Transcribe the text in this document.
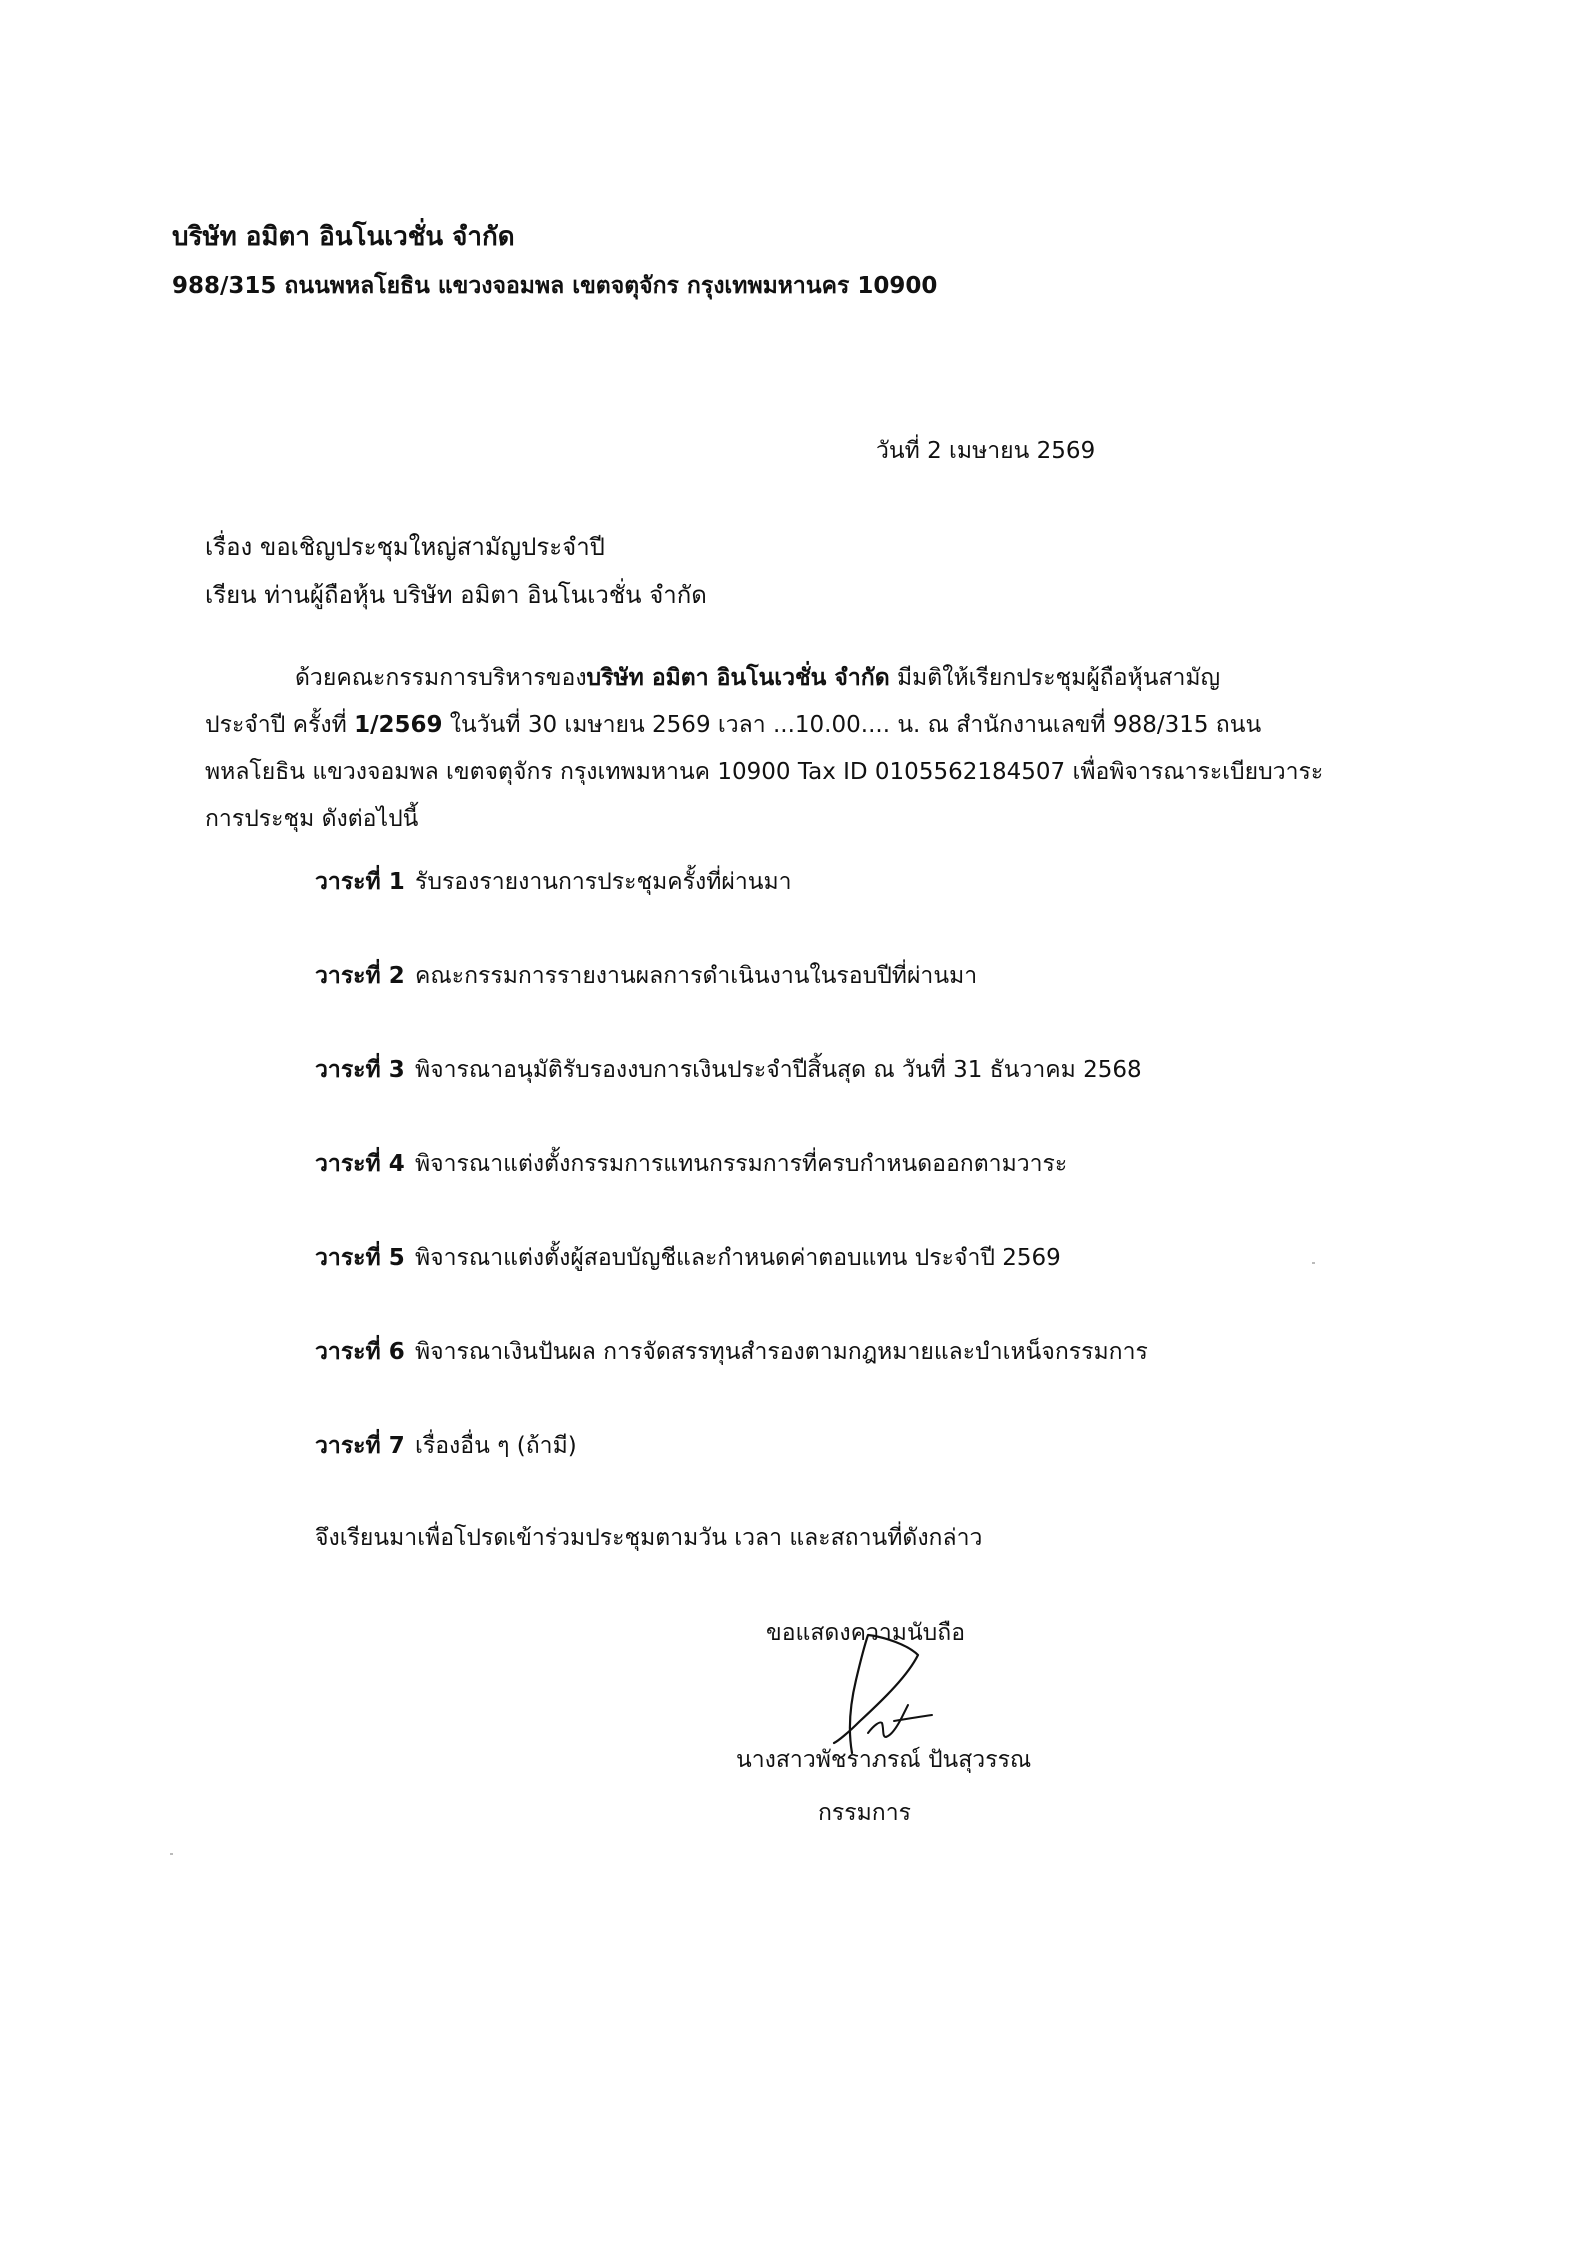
บริษัท อมิตา อินโนเวชั่น จำกัด
988/315 ถนนพหลโยธิน แขวงจอมพล เขตจตุจักร กรุงเทพมหานคร 10900
วันที่ 2 เมษายน 2569
เรื่อง ขอเชิญประชุมใหญ่สามัญประจำปี
เรียน ท่านผู้ถือหุ้น บริษัท อมิตา อินโนเวชั่น จำกัด
ด้วยคณะกรรมการบริหารของบริษัท อมิตา อินโนเวชั่น จำกัด มีมติให้เรียกประชุมผู้ถือหุ้นสามัญ
ประจำปี ครั้งที่ 1/2569 ในวันที่ 30 เมษายน 2569 เวลา ...10.00.... น. ณ สำนักงานเลขที่ 988/315 ถนน
พหลโยธิน แขวงจอมพล เขตจตุจักร กรุงเทพมหานค 10900 Tax ID 0105562184507 เพื่อพิจารณาระเบียบวาระ
การประชุม ดังต่อไปนี้
วาระที่ 1 รับรองรายงานการประชุมครั้งที่ผ่านมา
วาระที่ 2 คณะกรรมการรายงานผลการดำเนินงานในรอบปีที่ผ่านมา
วาระที่ 3 พิจารณาอนุมัติรับรองงบการเงินประจำปีสิ้นสุด ณ วันที่ 31 ธันวาคม 2568
วาระที่ 4 พิจารณาแต่งตั้งกรรมการแทนกรรมการที่ครบกำหนดออกตามวาระ
วาระที่ 5 พิจารณาแต่งตั้งผู้สอบบัญชีและกำหนดค่าตอบแทน ประจำปี 2569
วาระที่ 6 พิจารณาเงินปันผล การจัดสรรทุนสำรองตามกฎหมายและบำเหน็จกรรมการ
วาระที่ 7 เรื่องอื่น ๆ (ถ้ามี)
จึงเรียนมาเพื่อโปรดเข้าร่วมประชุมตามวัน เวลา และสถานที่ดังกล่าว
ขอแสดงความนับถือ
นางสาวพัชราภรณ์ ปันสุวรรณ
กรรมการ
